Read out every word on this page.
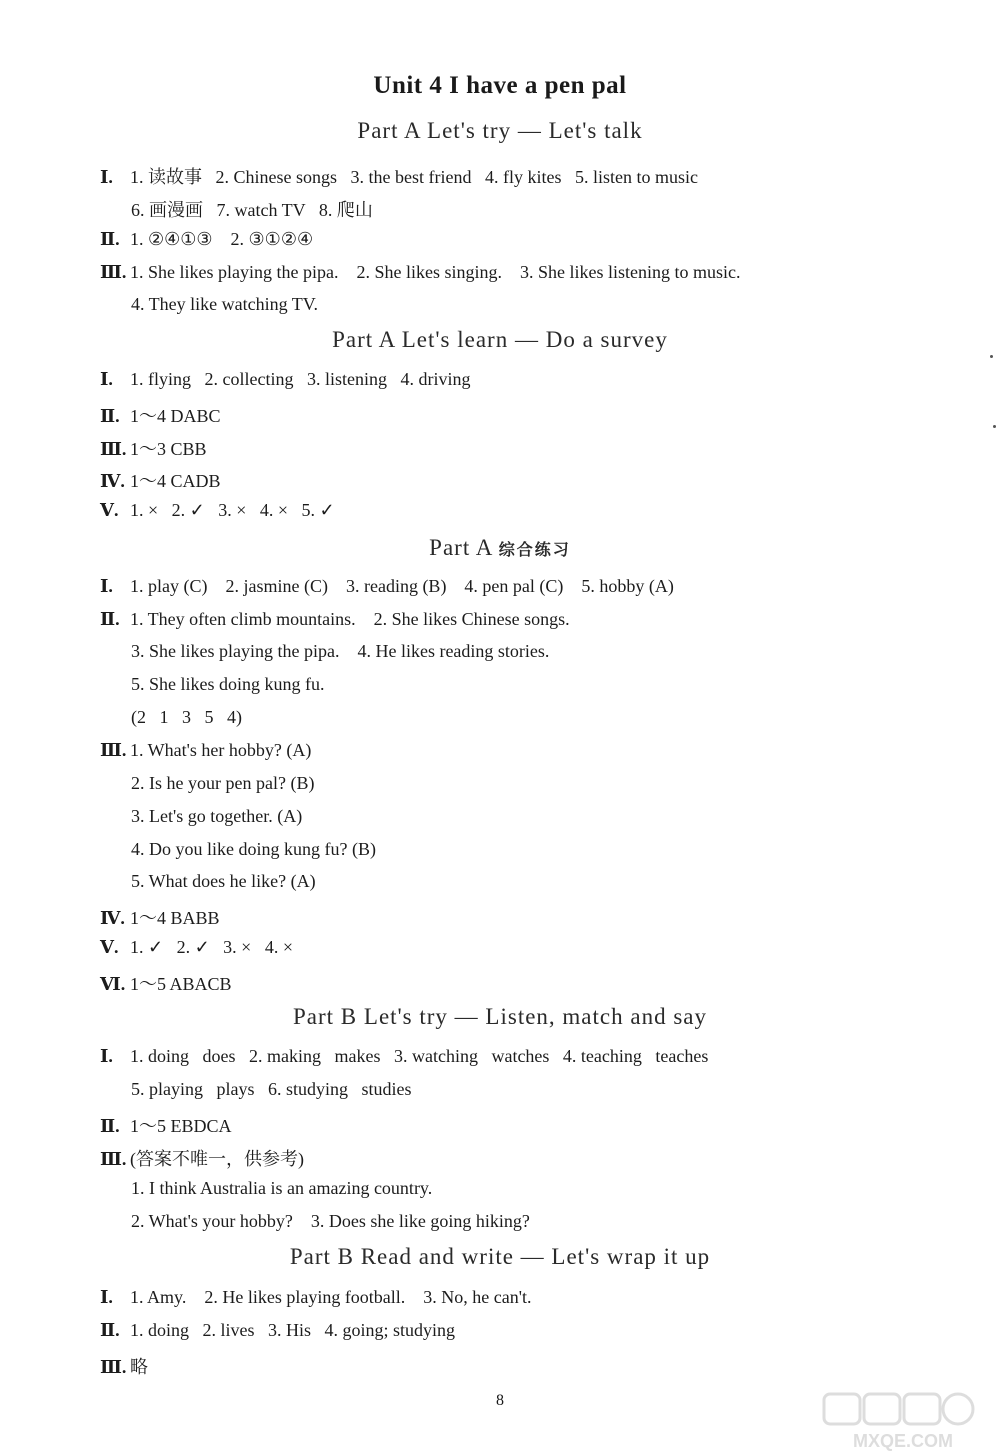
Unit 4 I have a pen pal
Part A Let's try — Let's talk
Ⅰ. 1. 读故事   2. Chinese songs   3. the best friend   4. fly kites   5. listen to music
6. 画漫画   7. watch TV   8. 爬山
Ⅱ. 1. ②④①③    2. ③①②④
Ⅲ. 1. She likes playing the pipa.    2. She likes singing.    3. She likes listening to music.
4. They like watching TV.
Part A Let's learn — Do a survey
Ⅰ. 1. flying   2. collecting   3. listening   4. driving
Ⅱ. 1～4 DABC
Ⅲ. 1～3 CBB
Ⅳ. 1～4 CADB
Ⅴ. 1. ×   2. ✓   3. ×   4. ×   5. ✓
Part A 综合练习
Ⅰ. 1. play (C)    2. jasmine (C)    3. reading (B)    4. pen pal (C)    5. hobby (A)
Ⅱ. 1. They often climb mountains.    2. She likes Chinese songs.
3. She likes playing the pipa.    4. He likes reading stories.
5. She likes doing kung fu.
(2   1   3   5   4)
Ⅲ. 1. What's her hobby? (A)
2. Is he your pen pal? (B)
3. Let's go together. (A)
4. Do you like doing kung fu? (B)
5. What does he like? (A)
Ⅳ. 1～4 BABB
Ⅴ. 1. ✓   2. ✓   3. ×   4. ×
Ⅵ. 1～5 ABACB
Part B Let's try — Listen, match and say
Ⅰ. 1. doing   does   2. making   makes   3. watching   watches   4. teaching   teaches
5. playing   plays   6. studying   studies
Ⅱ. 1～5 EBDCA
Ⅲ. (答案不唯一，供参考)
1. I think Australia is an amazing country.
2. What's your hobby?    3. Does she like going hiking?
Part B Read and write — Let's wrap it up
Ⅰ. 1. Amy.    2. He likes playing football.    3. No, he can't.
Ⅱ. 1. doing   2. lives   3. His   4. going; studying
Ⅲ. 略
8
MXQE.COM
